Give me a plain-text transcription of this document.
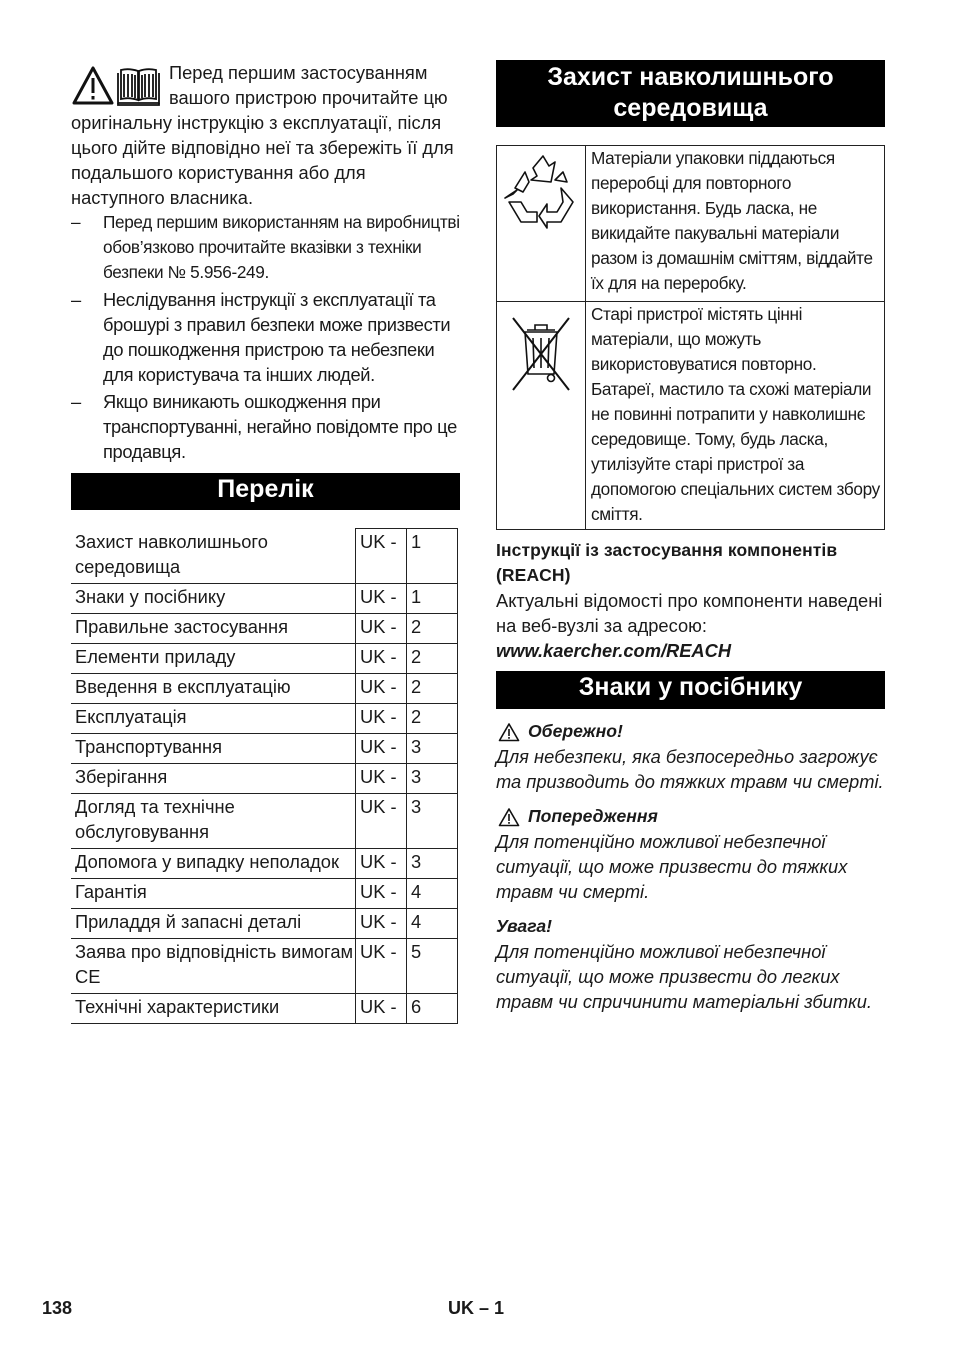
Перед першим застосуванням вашого пристрою прочитайте цю оригінальну інструкцію з експлуатації, після цього дійте відповідно неї та збережіть її для подальшого користування або для наступного власника.

– Перед першим використанням на виробництві обов’язково прочитайте вказівки з техніки безпеки № 5.956-249.
– Неслідування інструкції з експлуатації та брошурі з правил безпеки може призвести до пошкодження пристрою та небезпеки для користувача та інших людей.
– Якщо виникають ошкодження при транспортуванні, негайно повідомте про це продавця.
Перелік
Захист навколишнього середовища	UK -	1
Знаки у посібнику	UK -	1
Правильне застосування	UK -	2
Елементи приладу	UK -	2
Введення в експлуатацію	UK -	2
Експлуатація	UK -	2
Транспортування	UK -	3
Зберігання	UK -	3
Догляд та технічне обслуговування	UK -	3
Допомога у випадку неполадок	UK -	3
Гарантія	UK -	4
Приладдя й запасні деталі	UK -	4
Заява про відповідність вимогам СЕ	UK -	5
Технічні характеристики	UK -	6
Захист навколишнього середовища
	Матеріали упаковки піддаються переробці для повторного використання. Будь ласка, не викидайте пакувальні матеріали разом із домашнім сміттям, віддайте їх для на переробку.
	Старі пристрої містять цінні матеріали, що можуть використовуватися повторно. Батареї, мастило та схожі матеріали не повинні потрапити у навколишнє середовище. Тому, будь ласка, утилізуйте старі пристрої за допомогою спеціальних систем збору сміття.

Інструкції із застосування компонентів (REACH)

Актуальні відомості про компоненти наведені на веб-вузлі за адресою:

www.kaercher.com/REACH

Знаки у посібнику
Обережно!

Для небезпеки, яка безпосередньо загрожує та призводить до тяжких травм чи смерті.

Попередження

Для потенційно можливої небезпечної ситуації, що може призвести до тяжких травм чи смерті.

Увага!

Для потенційно можливої небезпечної ситуації, що може призвести до легких травм чи спричинити матеріальні збитки.

138	UK – 1
